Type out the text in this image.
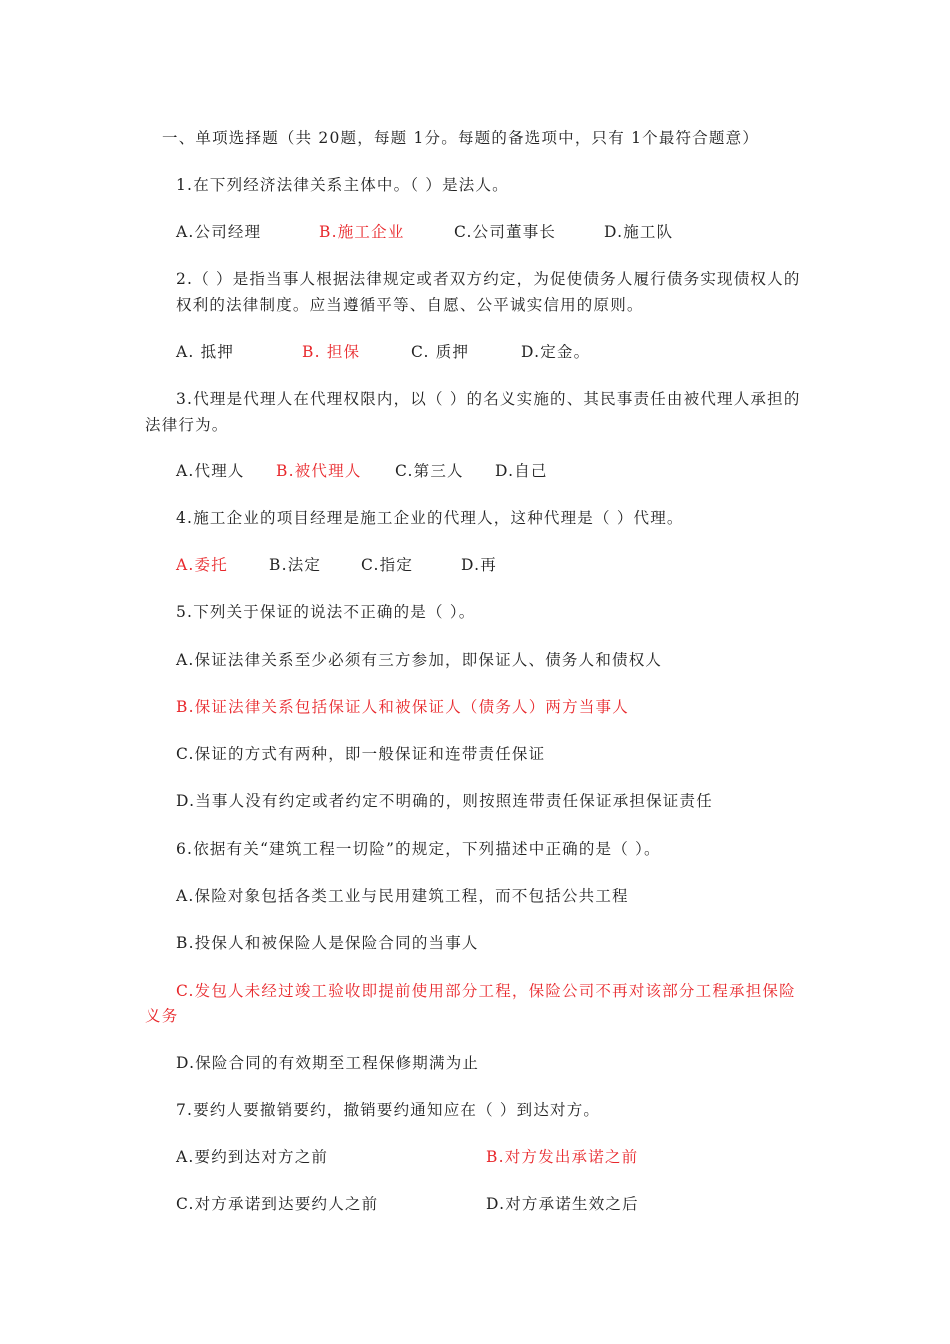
一、单项选择题（共 20题，每题 1分。每题的备选项中，只有 1个最符合题意）
1.在下列经济法律关系主体中。（ ）是法人。
A.公司经理	B.施工企业	C.公司董事长	D.施工队
2.（ ）是指当事人根据法律规定或者双方约定，为促使债务人履行债务实现债权人的
权利的法律制度。应当遵循平等、自愿、公平诚实信用的原则。
A. 抵押	B. 担保	C. 质押	D.定金。
3.代理是代理人在代理权限内，以（ ）的名义实施的、其民事责任由被代理人承担的
法律行为。
A.代理人 B.被代理人 C.第三人 D.自己
4.施工企业的项目经理是施工企业的代理人，这种代理是（ ）代理。
A.委托	B.法定	C.指定	D.再
5.下列关于保证的说法不正确的是（ ）。
A.保证法律关系至少必须有三方参加，即保证人、债务人和债权人
B.保证法律关系包括保证人和被保证人（债务人）两方当事人
C.保证的方式有两种，即一般保证和连带责任保证
D.当事人没有约定或者约定不明确的，则按照连带责任保证承担保证责任
6.依据有关“建筑工程一切险”的规定，下列描述中正确的是（ ）。
A.保险对象包括各类工业与民用建筑工程，而不包括公共工程
B.投保人和被保险人是保险合同的当事人
C.发包人未经过竣工验收即提前使用部分工程，保险公司不再对该部分工程承担保险
义务
D.保险合同的有效期至工程保修期满为止
7.要约人要撤销要约，撤销要约通知应在（ ）到达对方。
A.要约到达对方之前	B.对方发出承诺之前
C.对方承诺到达要约人之前	D.对方承诺生效之后
